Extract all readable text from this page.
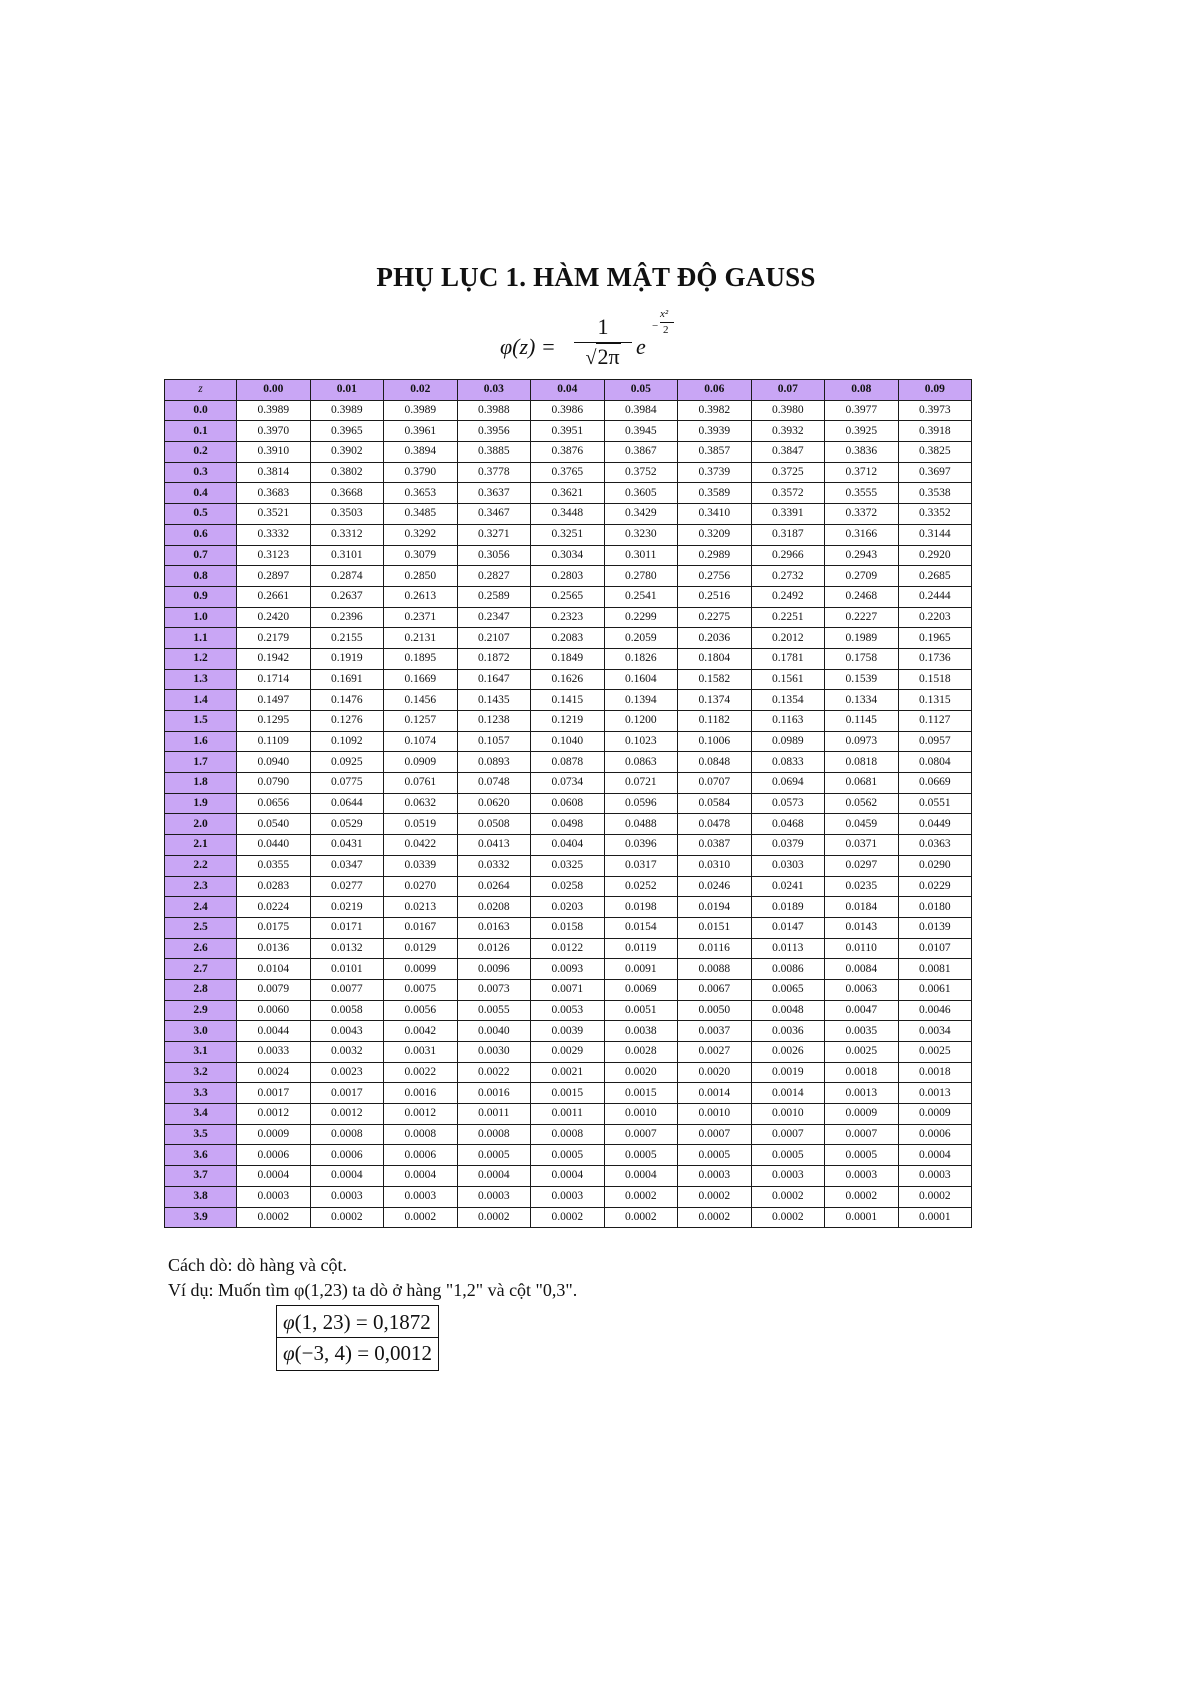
PHỤ LỤC 1. HÀM MẬT ĐỘ GAUSS
φ(z) =
1
√2π e
−
x²
2
z	0.00	0.01	0.02	0.03	0.04	0.05	0.06	0.07	0.08	0.09
0.0	0.3989	0.3989	0.3989	0.3988	0.3986	0.3984	0.3982	0.3980	0.3977	0.3973
0.1	0.3970	0.3965	0.3961	0.3956	0.3951	0.3945	0.3939	0.3932	0.3925	0.3918
0.2	0.3910	0.3902	0.3894	0.3885	0.3876	0.3867	0.3857	0.3847	0.3836	0.3825
0.3	0.3814	0.3802	0.3790	0.3778	0.3765	0.3752	0.3739	0.3725	0.3712	0.3697
0.4	0.3683	0.3668	0.3653	0.3637	0.3621	0.3605	0.3589	0.3572	0.3555	0.3538
0.5	0.3521	0.3503	0.3485	0.3467	0.3448	0.3429	0.3410	0.3391	0.3372	0.3352
0.6	0.3332	0.3312	0.3292	0.3271	0.3251	0.3230	0.3209	0.3187	0.3166	0.3144
0.7	0.3123	0.3101	0.3079	0.3056	0.3034	0.3011	0.2989	0.2966	0.2943	0.2920
0.8	0.2897	0.2874	0.2850	0.2827	0.2803	0.2780	0.2756	0.2732	0.2709	0.2685
0.9	0.2661	0.2637	0.2613	0.2589	0.2565	0.2541	0.2516	0.2492	0.2468	0.2444
1.0	0.2420	0.2396	0.2371	0.2347	0.2323	0.2299	0.2275	0.2251	0.2227	0.2203
1.1	0.2179	0.2155	0.2131	0.2107	0.2083	0.2059	0.2036	0.2012	0.1989	0.1965
1.2	0.1942	0.1919	0.1895	0.1872	0.1849	0.1826	0.1804	0.1781	0.1758	0.1736
1.3	0.1714	0.1691	0.1669	0.1647	0.1626	0.1604	0.1582	0.1561	0.1539	0.1518
1.4	0.1497	0.1476	0.1456	0.1435	0.1415	0.1394	0.1374	0.1354	0.1334	0.1315
1.5	0.1295	0.1276	0.1257	0.1238	0.1219	0.1200	0.1182	0.1163	0.1145	0.1127
1.6	0.1109	0.1092	0.1074	0.1057	0.1040	0.1023	0.1006	0.0989	0.0973	0.0957
1.7	0.0940	0.0925	0.0909	0.0893	0.0878	0.0863	0.0848	0.0833	0.0818	0.0804
1.8	0.0790	0.0775	0.0761	0.0748	0.0734	0.0721	0.0707	0.0694	0.0681	0.0669
1.9	0.0656	0.0644	0.0632	0.0620	0.0608	0.0596	0.0584	0.0573	0.0562	0.0551
2.0	0.0540	0.0529	0.0519	0.0508	0.0498	0.0488	0.0478	0.0468	0.0459	0.0449
2.1	0.0440	0.0431	0.0422	0.0413	0.0404	0.0396	0.0387	0.0379	0.0371	0.0363
2.2	0.0355	0.0347	0.0339	0.0332	0.0325	0.0317	0.0310	0.0303	0.0297	0.0290
2.3	0.0283	0.0277	0.0270	0.0264	0.0258	0.0252	0.0246	0.0241	0.0235	0.0229
2.4	0.0224	0.0219	0.0213	0.0208	0.0203	0.0198	0.0194	0.0189	0.0184	0.0180
2.5	0.0175	0.0171	0.0167	0.0163	0.0158	0.0154	0.0151	0.0147	0.0143	0.0139
2.6	0.0136	0.0132	0.0129	0.0126	0.0122	0.0119	0.0116	0.0113	0.0110	0.0107
2.7	0.0104	0.0101	0.0099	0.0096	0.0093	0.0091	0.0088	0.0086	0.0084	0.0081
2.8	0.0079	0.0077	0.0075	0.0073	0.0071	0.0069	0.0067	0.0065	0.0063	0.0061
2.9	0.0060	0.0058	0.0056	0.0055	0.0053	0.0051	0.0050	0.0048	0.0047	0.0046
3.0	0.0044	0.0043	0.0042	0.0040	0.0039	0.0038	0.0037	0.0036	0.0035	0.0034
3.1	0.0033	0.0032	0.0031	0.0030	0.0029	0.0028	0.0027	0.0026	0.0025	0.0025
3.2	0.0024	0.0023	0.0022	0.0022	0.0021	0.0020	0.0020	0.0019	0.0018	0.0018
3.3	0.0017	0.0017	0.0016	0.0016	0.0015	0.0015	0.0014	0.0014	0.0013	0.0013
3.4	0.0012	0.0012	0.0012	0.0011	0.0011	0.0010	0.0010	0.0010	0.0009	0.0009
3.5	0.0009	0.0008	0.0008	0.0008	0.0008	0.0007	0.0007	0.0007	0.0007	0.0006
3.6	0.0006	0.0006	0.0006	0.0005	0.0005	0.0005	0.0005	0.0005	0.0005	0.0004
3.7	0.0004	0.0004	0.0004	0.0004	0.0004	0.0004	0.0003	0.0003	0.0003	0.0003
3.8	0.0003	0.0003	0.0003	0.0003	0.0003	0.0002	0.0002	0.0002	0.0002	0.0002
3.9	0.0002	0.0002	0.0002	0.0002	0.0002	0.0002	0.0002	0.0002	0.0001	0.0001

Cách dò: dò hàng và cột.

Ví dụ: Muốn tìm φ(1,23) ta dò ở hàng "1,2" và cột "0,3".

φ(1, 23) = 0,1872
φ(−3, 4) = 0,0012
